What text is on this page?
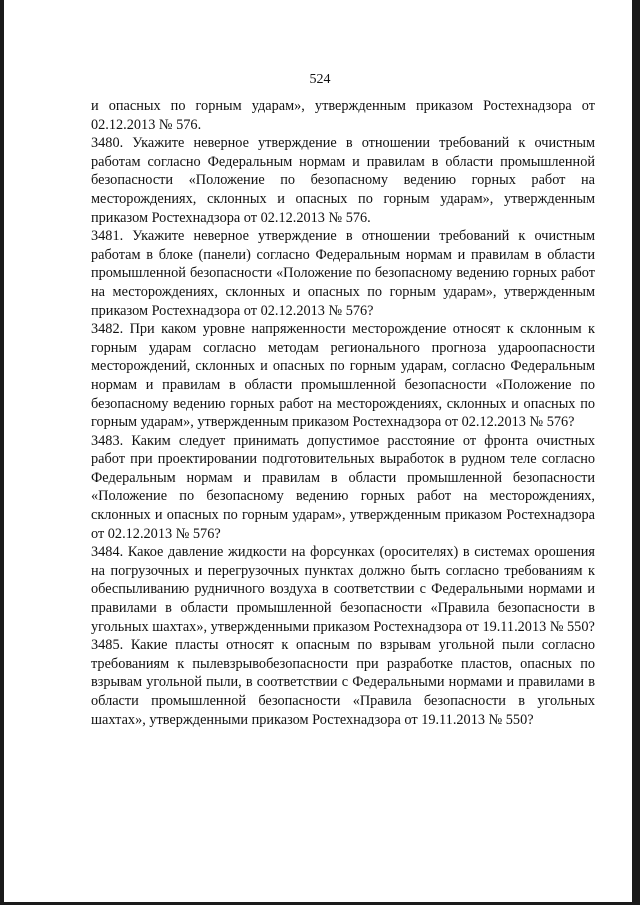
524

и опасных по горным ударам», утвержденным приказом Ростехнадзора от 02.12.2013 № 576.

3480. Укажите неверное утверждение в отношении требований к очистным работам согласно Федеральным нормам и правилам в области промышленной безопасности «Положение по безопасному ведению горных работ на месторождениях, склонных и опасных по горным ударам», утвержденным приказом Ростехнадзора от 02.12.2013 № 576.

3481. Укажите неверное утверждение в отношении требований к очистным работам в блоке (панели) согласно Федеральным нормам и правилам в области промышленной безопасности «Положение по безопасному ведению горных работ на месторождениях, склонных и опасных по горным ударам», утвержденным приказом Ростехнадзора от 02.12.2013 № 576?

3482. При каком уровне напряженности месторождение относят к склонным к горным ударам согласно методам регионального прогноза удароопасности месторождений, склонных и опасных по горным ударам, согласно Федеральным нормам и правилам в области промышленной безопасности «Положение по безопасному ведению горных работ на месторождениях, склонных и опасных по горным ударам», утвержденным приказом Ростехнадзора от 02.12.2013 № 576?

3483. Каким следует принимать допустимое расстояние от фронта очистных работ при проектировании подготовительных выработок в рудном теле согласно Федеральным нормам и правилам в области промышленной безопасности «Положение по безопасному ведению горных работ на месторождениях, склонных и опасных по горным ударам», утвержденным приказом Ростехнадзора от 02.12.2013 № 576?

3484. Какое давление жидкости на форсунках (оросителях) в системах орошения на погрузочных и перегрузочных пунктах должно быть согласно требованиям к обеспыливанию рудничного воздуха в соответствии с Федеральными нормами и правилами в области промышленной безопасности «Правила безопасности в угольных шахтах», утвержденными приказом Ростехнадзора от 19.11.2013 № 550?

3485. Какие пласты относят к опасным по взрывам угольной пыли согласно требованиям к пылевзрывобезопасности при разработке пластов, опасных по взрывам угольной пыли, в соответствии с Федеральными нормами и правилами в области промышленной безопасности «Правила безопасности в угольных шахтах», утвержденными приказом Ростехнадзора от 19.11.2013 № 550?
